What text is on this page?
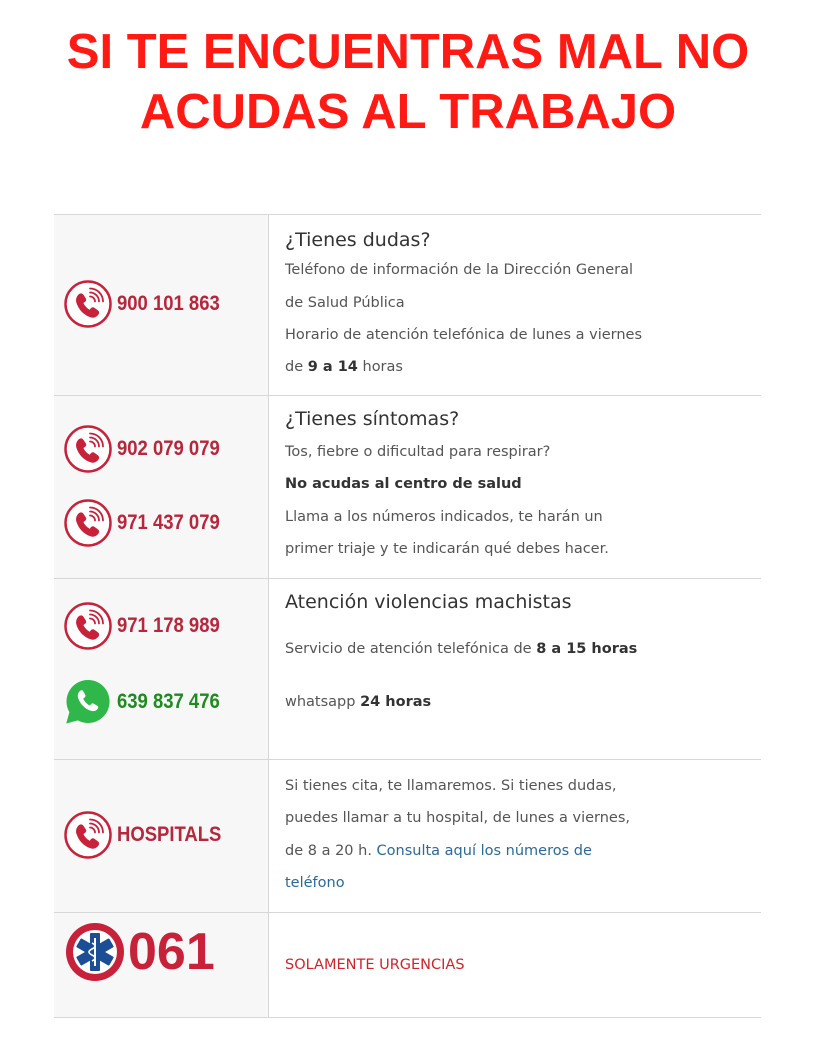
SI TE ENCUENTRAS MAL NO
ACUDAS AL TRABAJO
900 101 863
¿Tienes dudas?
Teléfono de información de la Dirección General
de Salud Pública
Horario de atención telefónica de lunes a viernes
de 9 a 14 horas
902 079 079
971 437 079
¿Tienes síntomas?
Tos, fiebre o dificultad para respirar?
No acudas al centro de salud
Llama a los números indicados, te harán un
primer triaje y te indicarán qué debes hacer.
971 178 989
639 837 476
Atención violencias machistas
Servicio de atención telefónica de 8 a 15 horas
whatsapp 24 horas
HOSPITALS
Si tienes cita, te llamaremos. Si tienes dudas,
puedes llamar a tu hospital, de lunes a viernes,
de 8 a 20 h. Consulta aquí los números de
teléfono
061	SOLAMENTE URGENCIAS
